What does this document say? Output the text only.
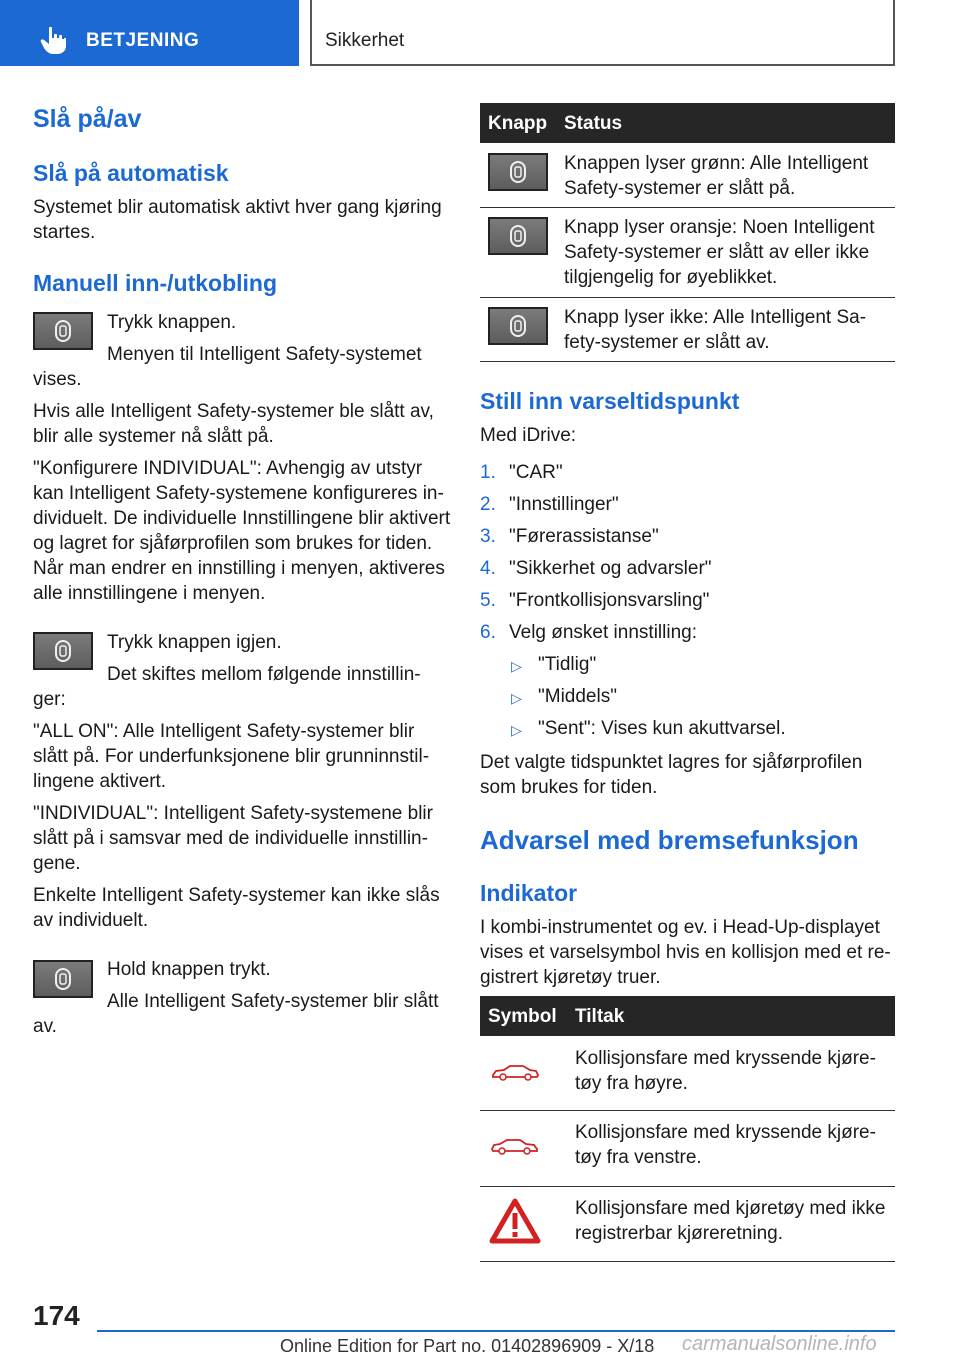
BETJENING	Sikkerhet
Slå på/av
Slå på automatisk
Systemet blir automatisk aktivt hver gang kjøring
startes.
Manuell inn-/utkobling
Trykk knappen.
Menyen til Intelligent Safety-systemet
vises.
Hvis alle Intelligent Safety-systemer ble slått av,
blir alle systemer nå slått på.
"Konfigurere INDIVIDUAL": Avhengig av utstyr
kan Intelligent Safety-systemene konfigureres in-
dividuelt. De individuelle Innstillingene blir aktivert
og lagret for sjåførprofilen som brukes for tiden.
Når man endrer en innstilling i menyen, aktiveres
alle innstillingene i menyen.
Trykk knappen igjen.
Det skiftes mellom følgende innstillin-
ger:
"ALL ON": Alle Intelligent Safety-systemer blir
slått på. For underfunksjonene blir grunninnstil-
lingene aktivert.
"INDIVIDUAL": Intelligent Safety-systemene blir
slått på i samsvar med de individuelle innstillin-
gene.
Enkelte Intelligent Safety-systemer kan ikke slås
av individuelt.
Hold knappen trykt.
Alle Intelligent Safety-systemer blir slått
av.
Knapp Status
Knappen lyser grønn: Alle Intelligent
Safety-systemer er slått på.
Knapp lyser oransje: Noen Intelligent
Safety-systemer er slått av eller ikke
tilgjengelig for øyeblikket.
Knapp lyser ikke: Alle Intelligent Sa-
fety-systemer er slått av.
Still inn varseltidspunkt
Med iDrive:
1. "CAR"
2. "Innstillinger"
3. "Førerassistanse"
4. "Sikkerhet og advarsler"
5. "Frontkollisjonsvarsling"
6. Velg ønsket innstilling:
▷ "Tidlig"
▷ "Middels"
▷ "Sent": Vises kun akuttvarsel.
Det valgte tidspunktet lagres for sjåførprofilen
som brukes for tiden.
Advarsel med bremsefunksjon
Indikator
I kombi-instrumentet og ev. i Head-Up-displayet
vises et varselsymbol hvis en kollisjon med et re-
gistrert kjøretøy truer.
Symbol Tiltak
Kollisjonsfare med kryssende kjøre-
tøy fra høyre.
Kollisjonsfare med kryssende kjøre-
tøy fra venstre.
Kollisjonsfare med kjøretøy med ikke
registrerbar kjøreretning.
174
Online Edition for Part no. 01402896909 - X/18 carmanualsonline.info
